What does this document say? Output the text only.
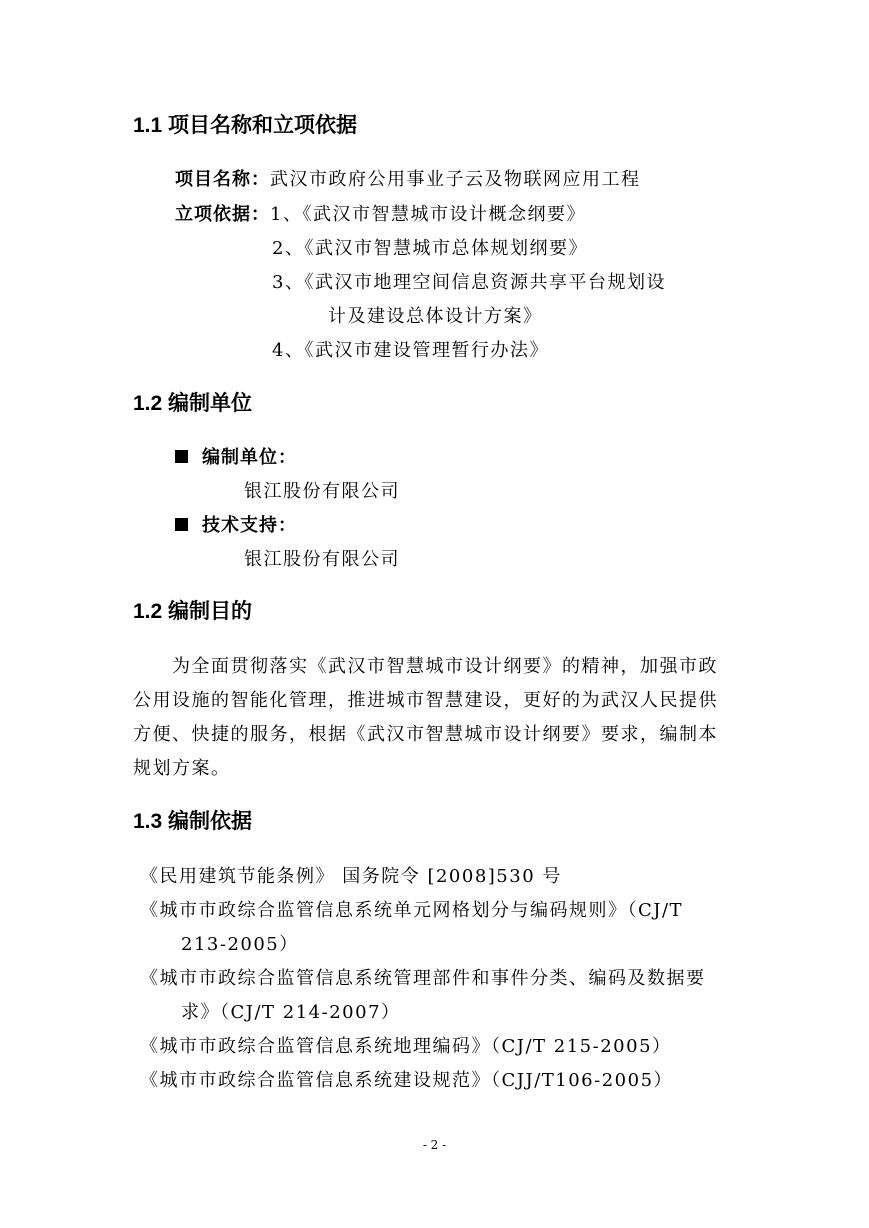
1.1 项目名称和立项依据
项目名称：武汉市政府公用事业子云及物联网应用工程
立项依据：1、《武汉市智慧城市设计概念纲要》
2、《武汉市智慧城市总体规划纲要》
3、《武汉市地理空间信息资源共享平台规划设
计及建设总体设计方案》
4、《武汉市建设管理暂行办法》
1.2 编制单位
编制单位：
银江股份有限公司
技术支持：
银江股份有限公司
1.2 编制目的
为全面贯彻落实《武汉市智慧城市设计纲要》的精神，加强市政
公用设施的智能化管理，推进城市智慧建设，更好的为武汉人民提供
方便、快捷的服务，根据《武汉市智慧城市设计纲要》要求，编制本
规划方案。
1.3 编制依据
《民用建筑节能条例》 国务院令 [2008]530 号
《城市市政综合监管信息系统单元网格划分与编码规则》（CJ/T
213-2005）
《城市市政综合监管信息系统管理部件和事件分类、编码及数据要
求》（CJ/T 214-2007）
《城市市政综合监管信息系统地理编码》（CJ/T 215-2005）
《城市市政综合监管信息系统建设规范》（CJJ/T106-2005）
- 2 -
